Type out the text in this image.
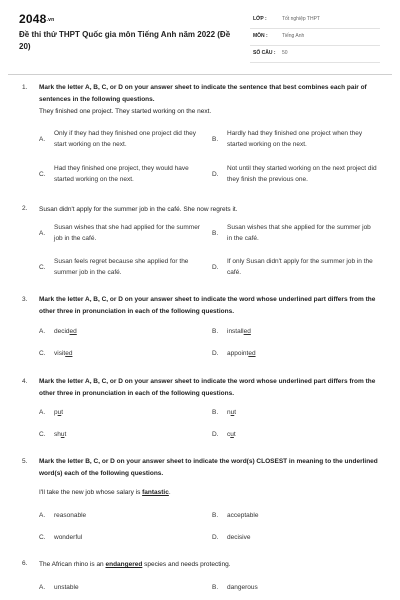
2048.vn
Đề thi thử THPT Quốc gia môn Tiếng Anh năm 2022 (Đề 20)
LỚP :	Tốt nghiệp THPT
MÔN :	Tiếng Anh
SỐ CÂU : 50
1. Mark the letter A, B, C, or D on your answer sheet to indicate the sentence that best combines each pair of sentences in the following questions.
They finished one project. They started working on the next.
A.
Only if they had they finished one project did they start working on the next.
B.
Hardly had they finished one project when they started working on the next.
C.
Had they finished one project, they would have started working on the next.
D.
Not until they started working on the next project did they finish the previous one.
2. Susan didn't apply for the summer job in the café. She now regrets it.
A.
Susan wishes that she had applied for the summer job in the café.
B.
Susan wishes that she applied for the summer job in the café.
C.
Susan feels regret because she applied for the summer job in the café.
D.
If only Susan didn't apply for the summer job in the café.
3. Mark the letter A, B, C, or D on your answer sheet to indicate the word whose underlined part differs from the other three in pronunciation in each of the following questions.
A. decided	B. installed
C. visited	D. appointed
4. Mark the letter A, B, C, or D on your answer sheet to indicate the word whose underlined part differs from the other three in pronunciation in each of the following questions.
A. put	B. nut
C. shut	D. cut
5. Mark the letter B, C, or D on your answer sheet to indicate the word(s) CLOSEST in meaning to the underlined word(s) each of the following questions.
I'll take the new job whose salary is fantastic.
A. reasonable	B. acceptable
C. wonderful	D. decisive
6. The African rhino is an endangered species and needs protecting.
A. unstable	B. dangerous
